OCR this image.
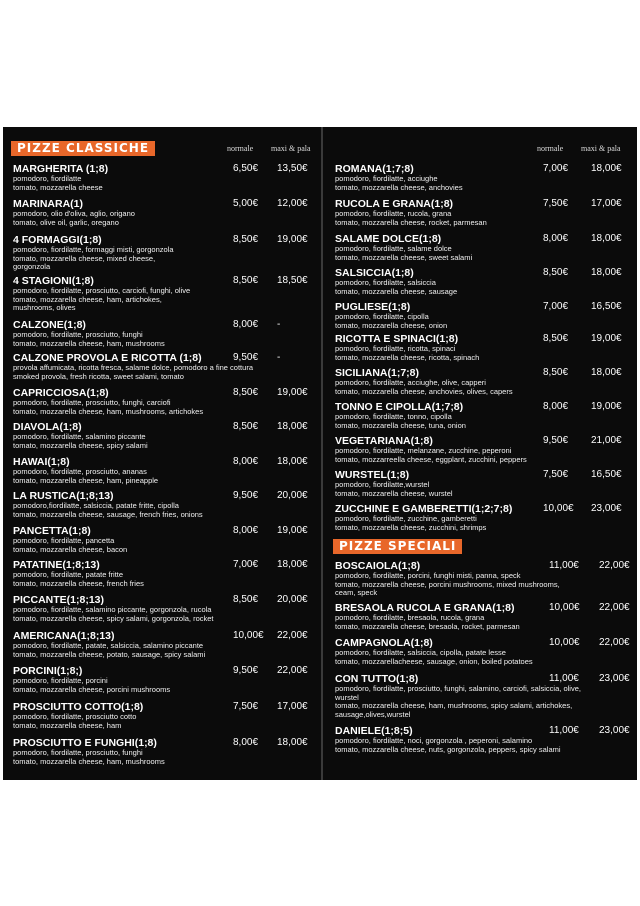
PIZZE CLASSICHE	normale maxi & pala
MARGHERITA (1;8)
pomodoro, fiordilatte
tomato, mozzarella cheese
6,50€ 13,50€
MARINARA(1)
pomodoro, olio d'oliva, aglio, origano
tomato, olive oil, garlic, oregano
5,00€ 12,00€
4 FORMAGGI(1;8)
pomodoro, fiordilatte, formaggi misti, gorgonzola
tomato, mozzarella cheese, mixed cheese,
gorgonzola
8,50€ 19,00€
4 STAGIONI(1;8)
pomodoro, fiordilatte, prosciutto, carciofi, funghi, olive
tomato, mozzarella cheese, ham, artichokes,
mushrooms, olives
8,50€ 18,50€
CALZONE(1;8)
pomodoro, fiordilatte, prosciutto, funghi
tomato, mozzarella cheese, ham, mushrooms
8,00€ -
CALZONE PROVOLA E RICOTTA (1;8)
provola affumicata, ricotta fresca, salame dolce, pomodoro a fine cottura
smoked provola, fresh ricotta, sweet salami, tomato
9,50€ -
CAPRICCIOSA(1;8)
pomodoro, fiordilatte, prosciutto, funghi, carciofi
tomato, mozzarella cheese, ham, mushrooms, artichokes
8,50€ 19,00€
DIAVOLA(1;8)
pomodoro, fiordilatte, salamino piccante
tomato, mozzarella cheese, spicy salami
8,50€ 18,00€
HAWAI(1;8)
pomodoro, fiordilatte, prosciutto, ananas
tomato, mozzarella cheese, ham, pineapple
8,00€ 18,00€
LA RUSTICA(1;8;13)
pomodoro,fiordilatte, salsiccia, patate fritte, cipolla
tomato, mozzarella cheese, sausage, french fries, onions
9,50€ 20,00€
PANCETTA(1;8)
pomodoro, fiordilatte, pancetta
tomato, mozzarella cheese, bacon
8,00€ 19,00€
PATATINE(1;8;13)
pomodoro, fiordilatte, patate fritte
tomato, mozzarella cheese, french fries
7,00€ 18,00€
PICCANTE(1;8;13)
pomodoro, fiordilatte, salamino piccante, gorgonzola, rucola
tomato, mozzarella cheese, spicy salami, gorgonzola, rocket
8,50€ 20,00€
AMERICANA(1;8;13)
pomodoro, fiordilatte, patate, salsiccia, salamino piccante
tomato, mozzarella cheese, potato, sausage, spicy salami
10,00€ 22,00€
PORCINI(1;8;)
pomodoro, fiordilatte, porcini
tomato, mozzarella cheese, porcini mushrooms
9,50€ 22,00€
PROSCIUTTO COTTO(1;8)
pomodoro, fiordilatte, prosciutto cotto
tomato, mozzarella cheese, ham
7,50€ 17,00€
PROSCIUTTO E FUNGHI(1;8)
pomodoro, fiordilatte, prosciutto, funghi
tomato, mozzarella cheese, ham, mushrooms
8,00€ 18,00€
normale maxi & pala
PIZZE SPECIALI
ROMANA(1;7;8)
pomodoro, fiordilatte, acciughe
tomato, mozzarella cheese, anchovies
7,00€ 18,00€
RUCOLA E GRANA(1;8)
pomodoro, fiordilatte, rucola, grana
tomato, mozzarella cheese, rocket, parmesan
7,50€ 17,00€
SALAME DOLCE(1;8)
pomodoro, fiordilatte, salame dolce
tomato, mozzarella cheese, sweet salami
8,00€ 18,00€
SALSICCIA(1;8)
pomodoro, fiordilatte, salsiccia
tomato, mozzarella cheese, sausage
8,50€ 18,00€
PUGLIESE(1;8)
pomodoro, fiordilatte, cipolla
tomato, mozzarella cheese, onion
7,00€ 16,50€
RICOTTA E SPINACI(1;8)
pomodoro, fiordilatte, ricotta, spinaci
tomato, mozzarella cheese, ricotta, spinach
8,50€ 19,00€
SICILIANA(1;7;8)
pomodoro, fiordilatte, acciughe, olive, capperi
tomato, mozzarella cheese, anchovies, olives, capers
8,50€ 18,00€
TONNO E CIPOLLA(1;7;8)
pomodoro, fiordilatte, tonno, cipolla
tomato, mozzarella cheese, tuna, onion
8,00€ 19,00€
VEGETARIANA(1;8)
pomodoro, fiordilatte, melanzane, zucchine, peperoni
tomato, mozzarreella cheese, eggplant, zucchini, peppers
9,50€ 21,00€
WURSTEL(1;8)
pomodoro, fiordilatte,wurstel
tomato, mozzarella cheese, wurstel
7,50€ 16,50€
ZUCCHINE E GAMBERETTI(1;2;7;8)
pomodoro, fiordilatte, zucchine, gamberetti
tomato, mozzarella cheese, zucchini, shrimps
10,00€ 23,00€
BOSCAIOLA(1;8)
pomodoro, fiordilatte, porcini, funghi misti, panna, speck
tomato, mozzarella cheese, porcini mushrooms, mixed mushrooms,
ceam, speck
11,00€ 22,00€
BRESAOLA RUCOLA E GRANA(1;8)
pomodoro, fiordilatte, bresaola, rucola, grana
tomato, mozzarella cheese, bresaola, rocket, parmesan
10,00€ 22,00€
CAMPAGNOLA(1;8)
pomodoro, fiordilatte, salsiccia, cipolla, patate lesse
tomato, mozzarellacheese, sausage, onion, boiled potatoes
10,00€ 22,00€
CON TUTTO(1;8)
pomodoro, fiordilatte, prosciutto, funghi, salamino, carciofi, salsiccia, olive,
wurstel
tomato, mozzarella cheese, ham, mushrooms, spicy salami, artichokes,
sausage,olives,wurstel
11,00€ 23,00€
DANIELE(1;8;5)
pomodoro, fiordilatte, noci, gorgonzola , peperoni, salamino
tomato, mozzarella cheese, nuts, gorgonzola, peppers, spicy salami
11,00€ 23,00€
